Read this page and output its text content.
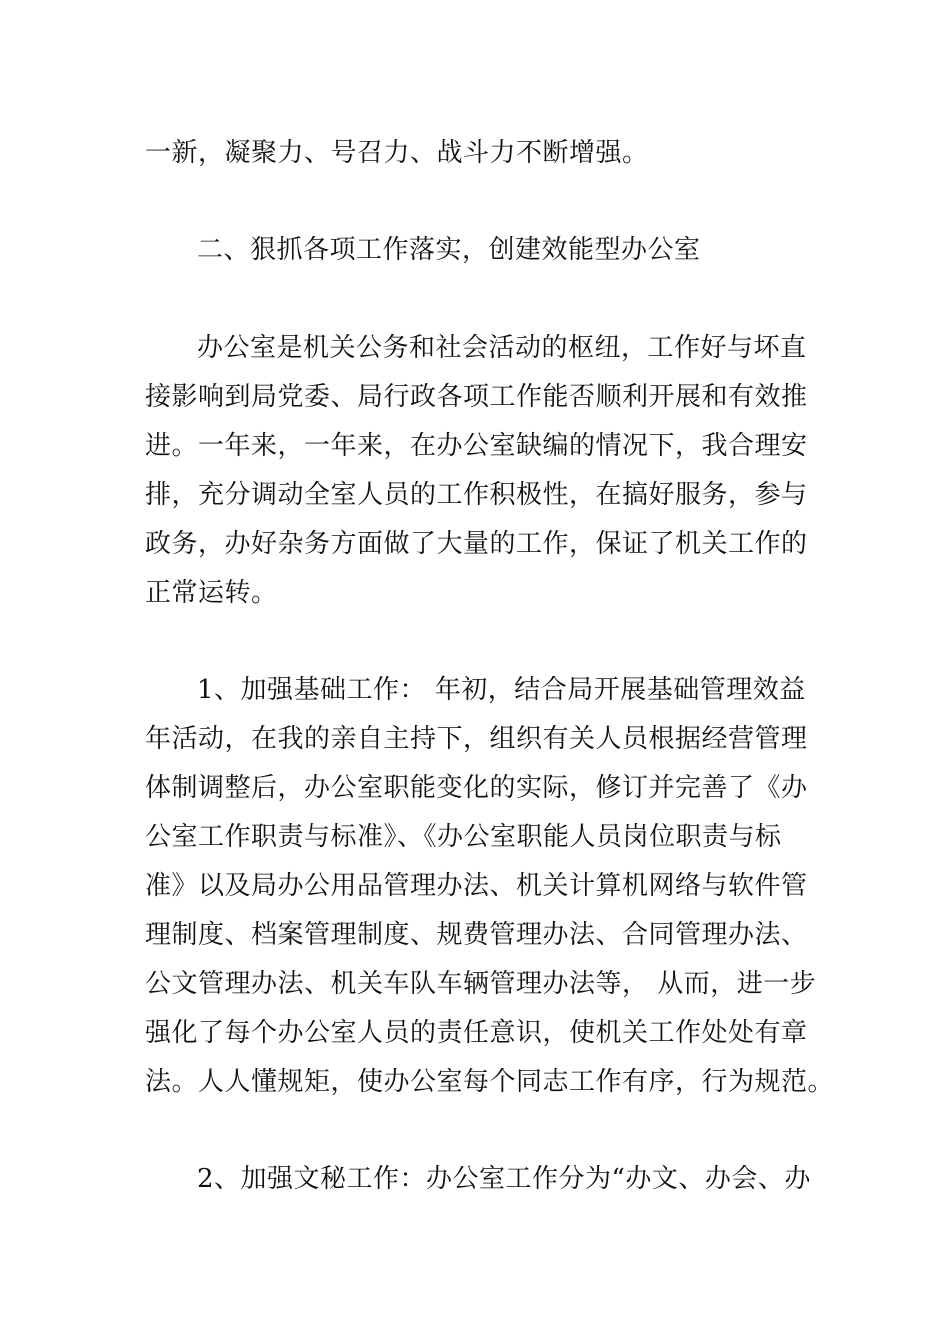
一新，凝聚力、号召力、战斗力不断增强。
二、狠抓各项工作落实，创建效能型办公室
办公室是机关公务和社会活动的枢纽，工作好与坏直
接影响到局党委、局行政各项工作能否顺利开展和有效推
进。一年来，一年来，在办公室缺编的情况下，我合理安
排，充分调动全室人员的工作积极性，在搞好服务，参与
政务，办好杂务方面做了大量的工作，保证了机关工作的
正常运转。
1、加强基础工作： 年初，结合局开展基础管理效益
年活动，在我的亲自主持下，组织有关人员根据经营管理
体制调整后，办公室职能变化的实际，修订并完善了《办
公室工作职责与标准》、《办公室职能人员岗位职责与标
准》以及局办公用品管理办法、机关计算机网络与软件管
理制度、档案管理制度、规费管理办法、合同管理办法、
公文管理办法、机关车队车辆管理办法等， 从而，进一步
强化了每个办公室人员的责任意识，使机关工作处处有章
法。人人懂规矩，使办公室每个同志工作有序，行为规范。
2、加强文秘工作：办公室工作分为“办文、办会、办
